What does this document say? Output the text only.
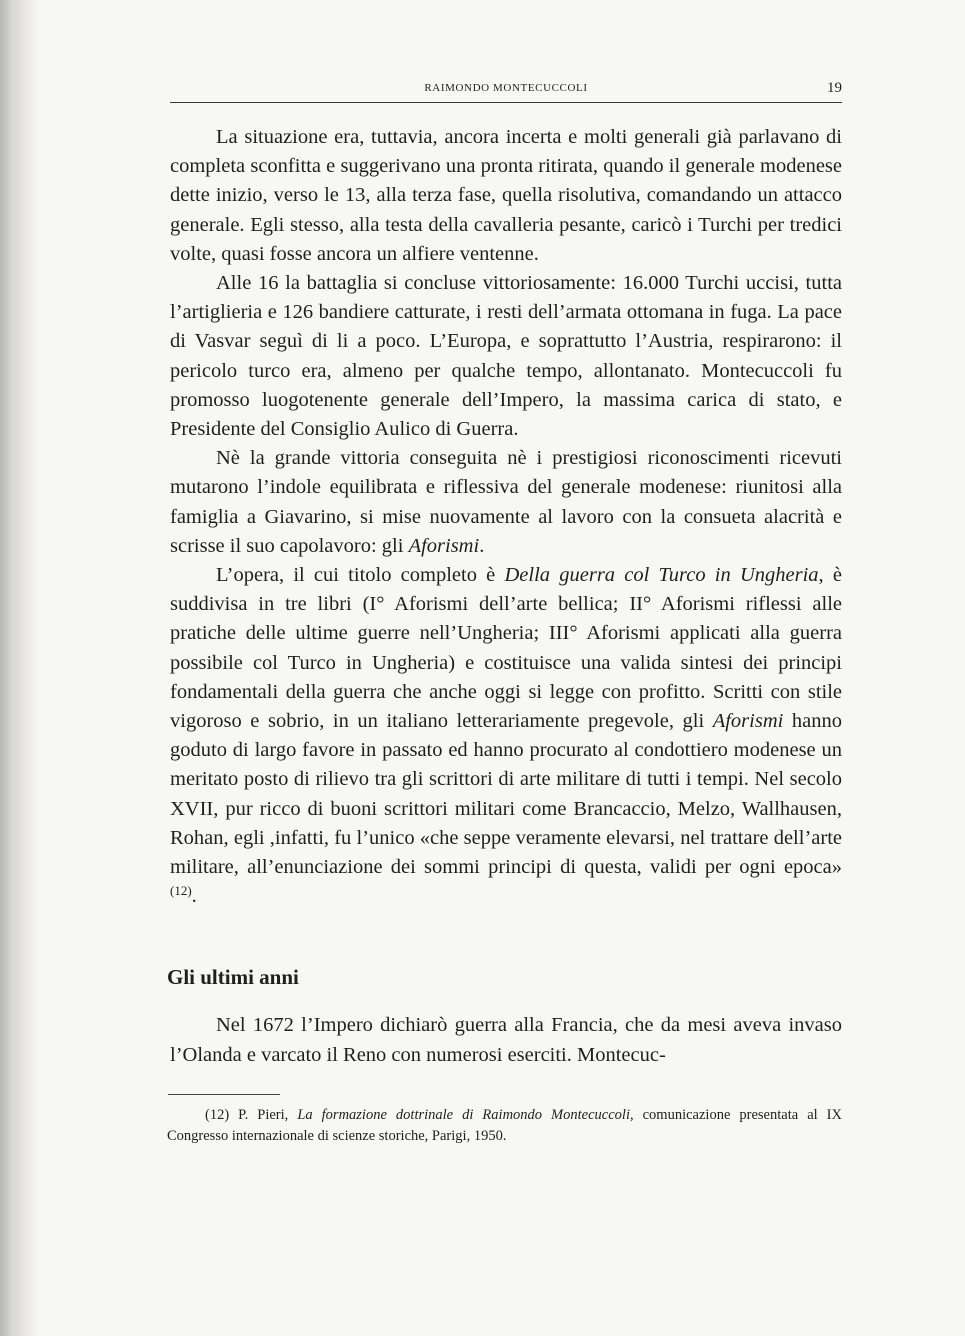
RAIMONDO MONTECUCCOLI	19

La situazione era, tuttavia, ancora incerta e molti generali già parlavano di completa sconfitta e suggerivano una pronta ritirata, quando il generale modenese dette inizio, verso le 13, alla terza fase, quella risolutiva, comandando un attacco generale. Egli stesso, alla testa della cavalleria pesante, caricò i Turchi per tredici volte, quasi fosse ancora un alfiere ventenne.

Alle 16 la battaglia si concluse vittoriosamente: 16.000 Turchi uccisi, tutta l’artiglieria e 126 bandiere catturate, i resti dell’armata ottomana in fuga. La pace di Vasvar seguì di li a poco. L’Europa, e soprattutto l’Austria, respirarono: il pericolo turco era, almeno per qualche tempo, allontanato. Montecuccoli fu promosso luogotenente generale dell’Impero, la massima carica di stato, e Presidente del Consiglio Aulico di Guerra.

Nè la grande vittoria conseguita nè i prestigiosi riconoscimenti ricevuti mutarono l’indole equilibrata e riflessiva del generale modenese: riunitosi alla famiglia a Giavarino, si mise nuovamente al lavoro con la consueta alacrità e scrisse il suo capolavoro: gli Aforismi.

L’opera, il cui titolo completo è Della guerra col Turco in Ungheria, è suddivisa in tre libri (I° Aforismi dell’arte bellica; II° Aforismi riflessi alle pratiche delle ultime guerre nell’Ungheria; III° Aforismi applicati alla guerra possibile col Turco in Ungheria) e costituisce una valida sintesi dei principi fondamentali della guerra che anche oggi si legge con profitto. Scritti con stile vigoroso e sobrio, in un italiano letterariamente pregevole, gli Aforismi hanno goduto di largo favore in passato ed hanno procurato al condottiero modenese un meritato posto di rilievo tra gli scrittori di arte militare di tutti i tempi. Nel secolo XVII, pur ricco di buoni scrittori militari come Brancaccio, Melzo, Wallhausen, Rohan, egli ,infatti, fu l’unico «che seppe veramente elevarsi, nel trattare dell’arte militare, all’enunciazione dei sommi principi di questa, validi per ogni epoca» $^{(12)}$.

Gli ultimi anni

Nel 1672 l’Impero dichiarò guerra alla Francia, che da mesi aveva invaso l’Olanda e varcato il Reno con numerosi eserciti. Montecuc-

(12) P. Pieri, La formazione dottrinale di Raimondo Montecuccoli, comunicazione presentata al IX Congresso internazionale di scienze storiche, Parigi, 1950.
